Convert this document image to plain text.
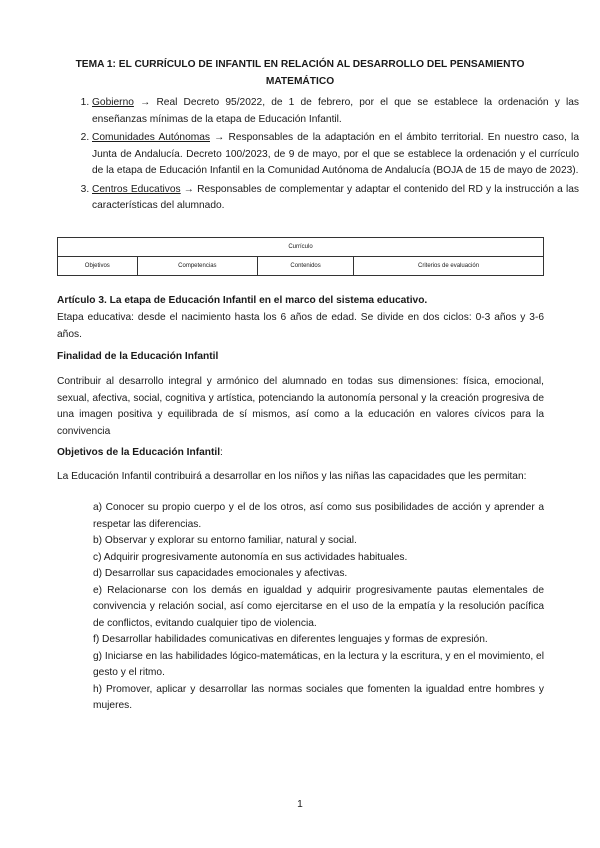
TEMA 1: EL CURRÍCULO DE INFANTIL EN RELACIÓN AL DESARROLLO DEL PENSAMIENTO MATEMÁTICO
1. Gobierno → Real Decreto 95/2022, de 1 de febrero, por el que se establece la ordenación y las enseñanzas mínimas de la etapa de Educación Infantil.
2. Comunidades Autónomas → Responsables de la adaptación en el ámbito territorial. En nuestro caso, la Junta de Andalucía. Decreto 100/2023, de 9 de mayo, por el que se establece la ordenación y el currículo de la etapa de Educación Infantil en la Comunidad Autónoma de Andalucía (BOJA de 15 de mayo de 2023).
3. Centros Educativos → Responsables de complementar y adaptar el contenido del RD y la instrucción a las características del alumnado.
Currículo
Objetivos	Competencias	Contenidos	Criterios de evaluación
Artículo 3. La etapa de Educación Infantil en el marco del sistema educativo.
Etapa educativa: desde el nacimiento hasta los 6 años de edad. Se divide en dos ciclos: 0-3 años y 3-6 años.
Finalidad de la Educación Infantil
Contribuir al desarrollo integral y armónico del alumnado en todas sus dimensiones: física, emocional, sexual, afectiva, social, cognitiva y artística, potenciando la autonomía personal y la creación progresiva de una imagen positiva y equilibrada de sí mismos, así como a la educación en valores cívicos para la convivencia
Objetivos de la Educación Infantil:
La Educación Infantil contribuirá a desarrollar en los niños y las niñas las capacidades que les permitan:
a) Conocer su propio cuerpo y el de los otros, así como sus posibilidades de acción y aprender a respetar las diferencias.
b) Observar y explorar su entorno familiar, natural y social.
c) Adquirir progresivamente autonomía en sus actividades habituales.
d) Desarrollar sus capacidades emocionales y afectivas.
e) Relacionarse con los demás en igualdad y adquirir progresivamente pautas elementales de convivencia y relación social, así como ejercitarse en el uso de la empatía y la resolución pacífica de conflictos, evitando cualquier tipo de violencia.
f) Desarrollar habilidades comunicativas en diferentes lenguajes y formas de expresión.
g) Iniciarse en las habilidades lógico-matemáticas, en la lectura y la escritura, y en el movimiento, el gesto y el ritmo.
h) Promover, aplicar y desarrollar las normas sociales que fomenten la igualdad entre hombres y mujeres.
1
